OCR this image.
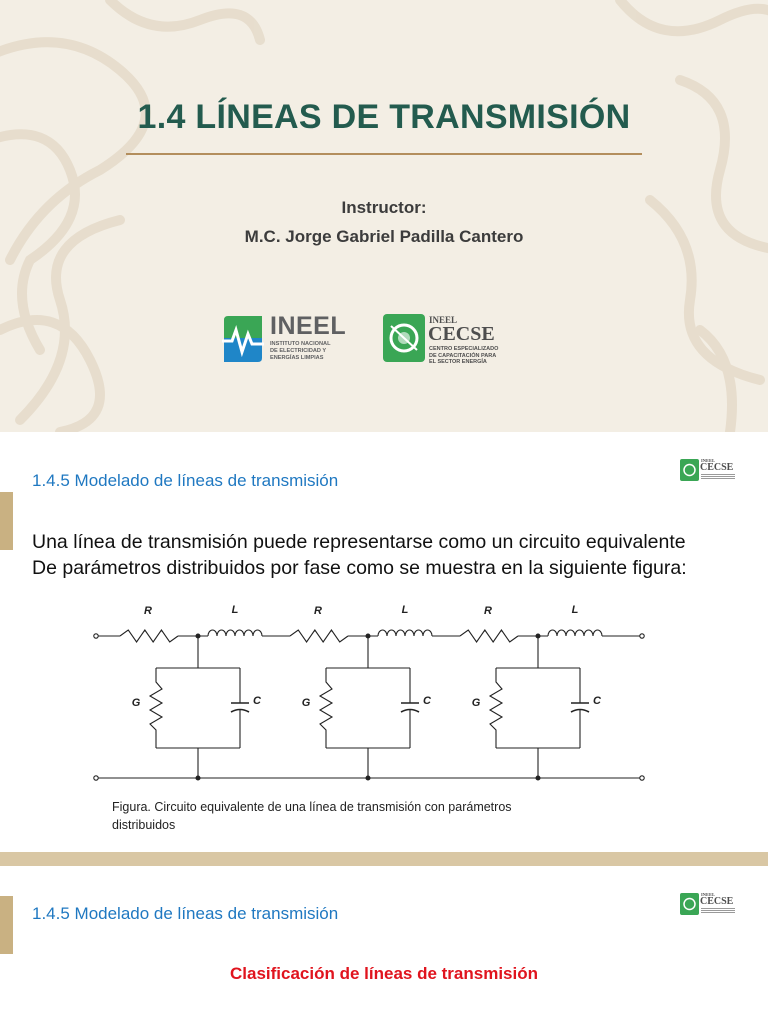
1.4 LÍNEAS DE TRANSMISIÓN
Instructor:
M.C. Jorge Gabriel Padilla Cantero
INEEL
INSTITUTO NACIONAL
DE ELECTRICIDAD Y
ENERGÍAS LIMPIAS
INEEL
CECSE
CENTRO ESPECIALIZADO
DE CAPACITACIÓN PARA
EL SECTOR ENERGÍA
1.4.5 Modelado de líneas de transmisión
INEEL
CECSE
Una línea de transmisión puede representarse como un circuito equivalente
De parámetros distribuidos por fase como se muestra en la siguiente figura:
R	L
G	C
R	L
G	C
R	L
G	C
Figura. Circuito equivalente de una línea de transmisión con parámetros
distribuidos
1.4.5 Modelado de líneas de transmisión
INEEL
CECSE
Clasificación de líneas de transmisión
